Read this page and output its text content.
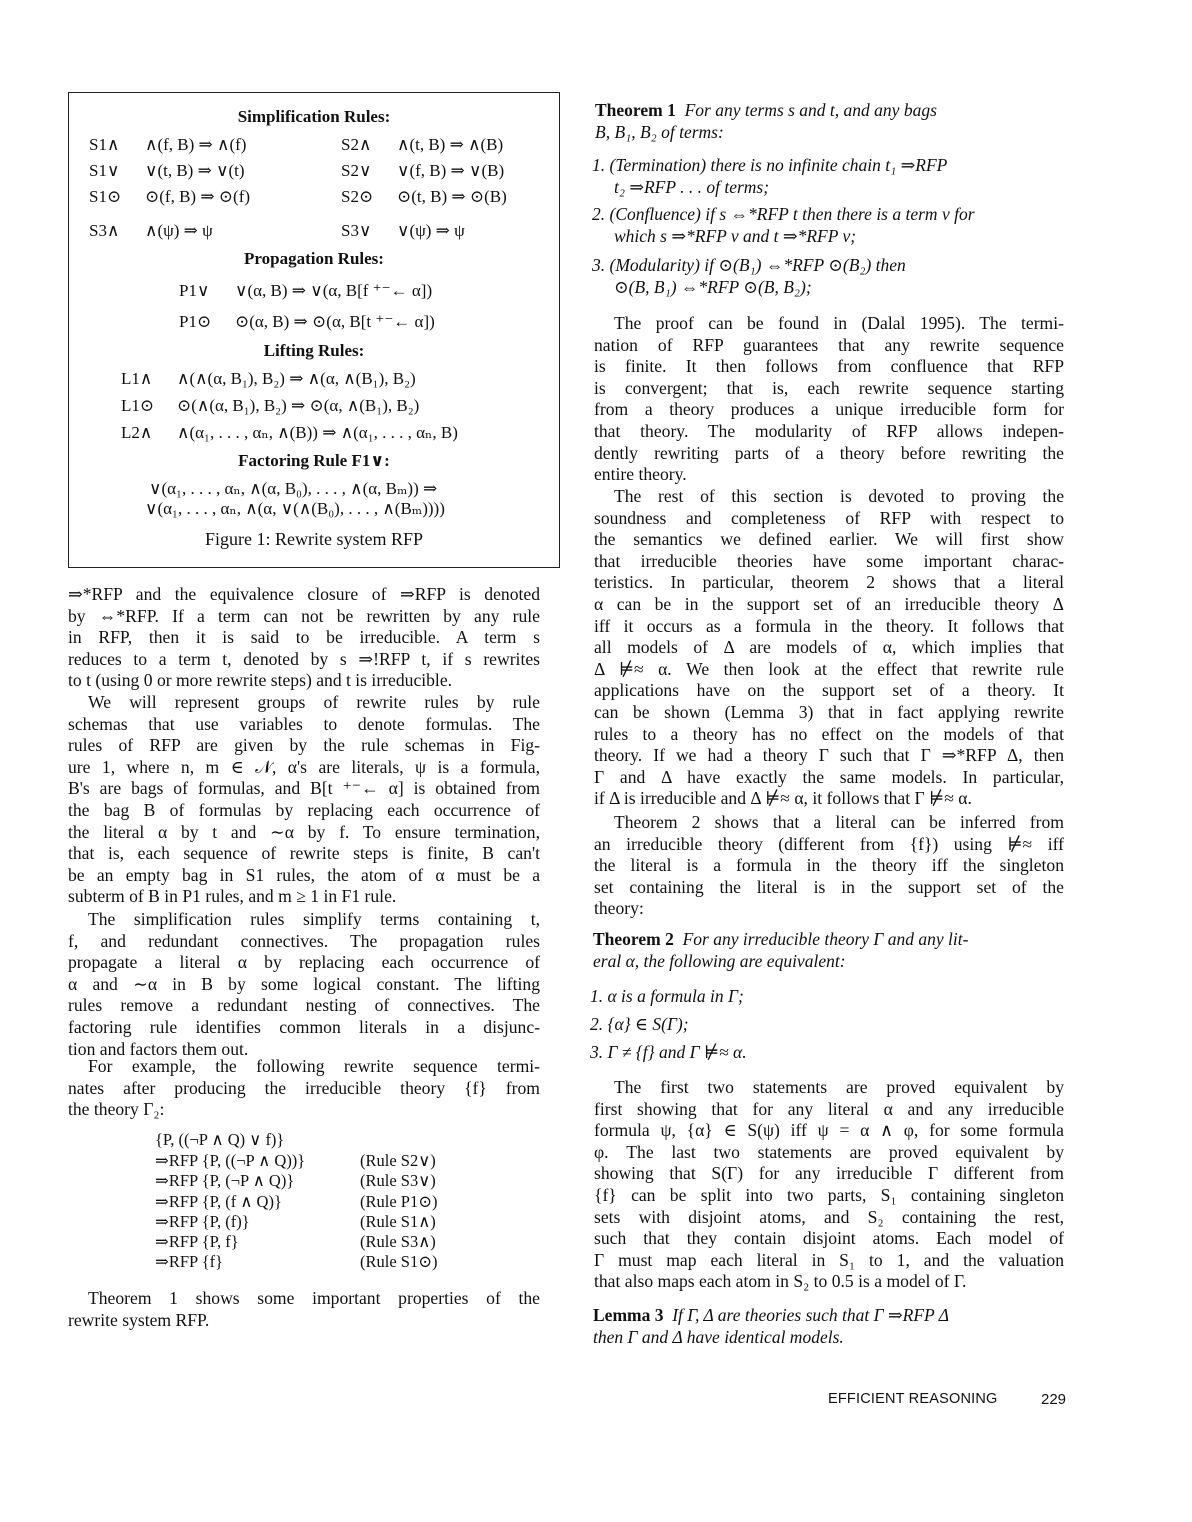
Simplification Rules:
S1∧ ∧(f, B) ⇒ ∧(f)	S2∧ ∧(t, B) ⇒ ∧(B)
S1∨ ∨(t, B) ⇒ ∨(t)	S2∨ ∨(f, B) ⇒ ∨(B)
S1⊙ ⊙(f, B) ⇒ ⊙(f)	S2⊙ ⊙(t, B) ⇒ ⊙(B)
S3∧ ∧(ψ) ⇒ ψ	S3∨ ∨(ψ) ⇒ ψ
Propagation Rules:
P1∨ ∨(α, B) ⇒ ∨(α, B[f ⁺⁻← α])
P1⊙ ⊙(α, B) ⇒ ⊙(α, B[t ⁺⁻← α])
Lifting Rules:
L1∧ ∧(∧(α, B₁), B₂) ⇒ ∧(α, ∧(B₁), B₂)
L1⊙ ⊙(∧(α, B₁), B₂) ⇒ ⊙(α, ∧(B₁), B₂)
L2∧ ∧(α₁, . . . , αₙ, ∧(B)) ⇒ ∧(α₁, . . . , αₙ, B)
Factoring Rule F1∨:
∨(α₁, . . . , αₙ, ∧(α, B₀), . . . , ∧(α, Bₘ)) ⇒
∨(α₁, . . . , αₙ, ∧(α, ∨(∧(B₀), . . . , ∧(Bₘ))))
Figure 1: Rewrite system RFP
⇒*RFP and the equivalence closure of ⇒RFP is denoted
by ⇔*RFP. If a term can not be rewritten by any rule
in RFP, then it is said to be irreducible. A term s
reduces to a term t, denoted by s ⇒!RFP t, if s rewrites
to t (using 0 or more rewrite steps) and t is irreducible.
We will represent groups of rewrite rules by rule
schemas that use variables to denote formulas. The
rules of RFP are given by the rule schemas in Fig-
ure 1, where n, m ∈ 𝒩, α's are literals, ψ is a formula,
B's are bags of formulas, and B[t ⁺⁻← α] is obtained from
the bag B of formulas by replacing each occurrence of
the literal α by t and ∼α by f. To ensure termination,
that is, each sequence of rewrite steps is finite, B can't
be an empty bag in S1 rules, the atom of α must be a
subterm of B in P1 rules, and m ≥ 1 in F1 rule.
The simplification rules simplify terms containing t,
f, and redundant connectives. The propagation rules
propagate a literal α by replacing each occurrence of
α and ∼α in B by some logical constant. The lifting
rules remove a redundant nesting of connectives. The
factoring rule identifies common literals in a disjunc-
tion and factors them out.
For example, the following rewrite sequence termi-
nates after producing the irreducible theory {f} from
the theory Γ₂:
{P, ((¬P ∧ Q) ∨ f)}
⇒RFP {P, ((¬P ∧ Q))}	(Rule S2∨)
⇒RFP {P, (¬P ∧ Q)}	(Rule S3∨)
⇒RFP {P, (f ∧ Q)}	(Rule P1⊙)
⇒RFP {P, (f)}	(Rule S1∧)
⇒RFP {P, f}	(Rule S3∧)
⇒RFP {f}	(Rule S1⊙)
Theorem 1 shows some important properties of the
rewrite system RFP.
Theorem 1 For any terms s and t, and any bags
B, B₁, B₂ of terms:
1. (Termination) there is no infinite chain t₁ ⇒RFP
t₂ ⇒RFP . . . of terms;
2. (Confluence) if s ⇔*RFP t then there is a term v for
which s ⇒*RFP v and t ⇒*RFP v;
3. (Modularity) if ⊙(B₁) ⇔*RFP ⊙(B₂) then
⊙(B, B₁) ⇔*RFP ⊙(B, B₂);
The proof can be found in (Dalal 1995). The termi-
nation of RFP guarantees that any rewrite sequence
is finite. It then follows from confluence that RFP
is convergent; that is, each rewrite sequence starting
from a theory produces a unique irreducible form for
that theory. The modularity of RFP allows indepen-
dently rewriting parts of a theory before rewriting the
entire theory.
The rest of this section is devoted to proving the
soundness and completeness of RFP with respect to
the semantics we defined earlier. We will first show
that irreducible theories have some important charac-
teristics. In particular, theorem 2 shows that a literal
α can be in the support set of an irreducible theory Δ
iff it occurs as a formula in the theory. It follows that
all models of Δ are models of α, which implies that
Δ ⊭≈ α. We then look at the effect that rewrite rule
applications have on the support set of a theory. It
can be shown (Lemma 3) that in fact applying rewrite
rules to a theory has no effect on the models of that
theory. If we had a theory Γ such that Γ ⇒*RFP Δ, then
Γ and Δ have exactly the same models. In particular,
if Δ is irreducible and Δ ⊭≈ α, it follows that Γ ⊭≈ α.
Theorem 2 shows that a literal can be inferred from
an irreducible theory (different from {f}) using ⊭≈ iff
the literal is a formula in the theory iff the singleton
set containing the literal is in the support set of the
theory:
Theorem 2 For any irreducible theory Γ and any lit-
eral α, the following are equivalent:
1. α is a formula in Γ;
2. {α} ∈ S(Γ);
3. Γ ≠ {f} and Γ ⊭≈ α.
The first two statements are proved equivalent by
first showing that for any literal α and any irreducible
formula ψ, {α} ∈ S(ψ) iff ψ = α ∧ φ, for some formula
φ. The last two statements are proved equivalent by
showing that S(Γ) for any irreducible Γ different from
{f} can be split into two parts, S₁ containing singleton
sets with disjoint atoms, and S₂ containing the rest,
such that they contain disjoint atoms. Each model of
Γ must map each literal in S₁ to 1, and the valuation
that also maps each atom in S₂ to 0.5 is a model of Γ.
Lemma 3 If Γ, Δ are theories such that Γ ⇒RFP Δ
then Γ and Δ have identical models.
EFFICIENT REASONING	229
